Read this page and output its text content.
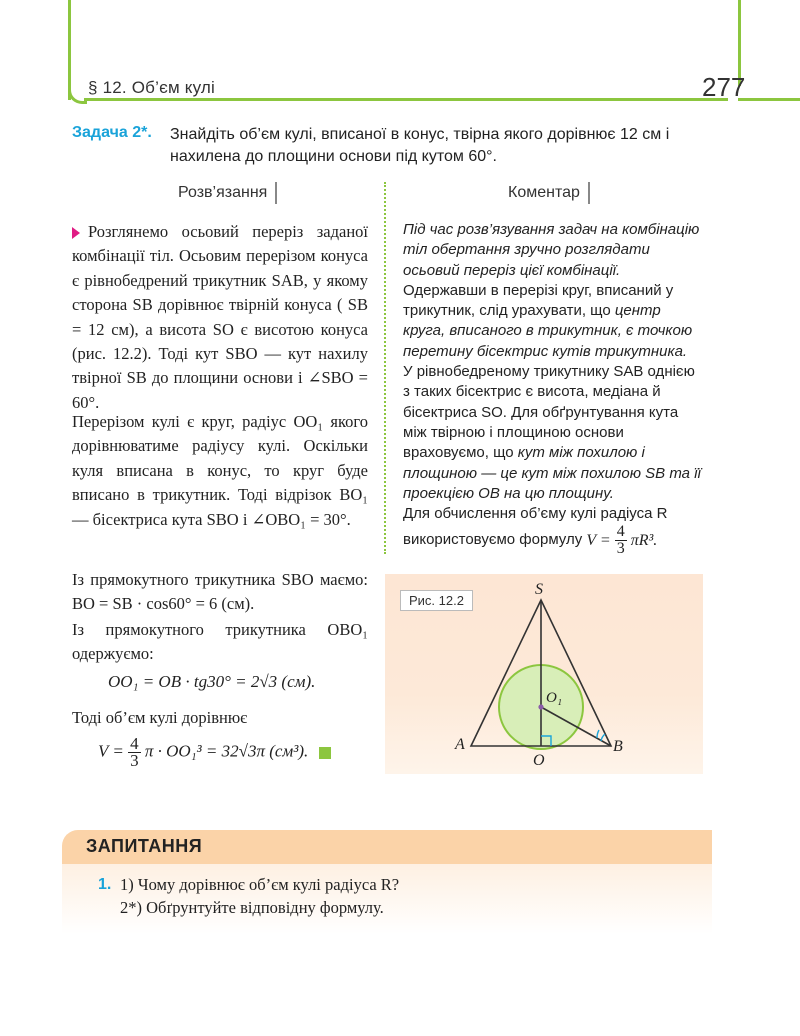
§ 12. Об’єм кулі	277
Задача 2*. Знайдіть об’єм кулі, вписаної в конус, твірна якого дорівнює 12 см і нахилена до площини основи під кутом 60°.
Розв’язання	Коментар
Розглянемо осьовий переріз заданої комбінації тіл. Осьовим перерізом конуса є рівнобедрений трикутник SAB, у якому сторона SB дорівнює твірній конуса ( SB = 12 см), а висота SO є висотою конуса (рис. 12.2). Тоді кут SBO — кут нахилу твірної SB до площини основи і ∠SBO = 60°.
Перерізом кулі є круг, радіус OO₁ якого дорівнюватиме радіусу кулі. Оскільки куля вписана в конус, то круг буде вписано в трикутник. Тоді відрізок BO₁ — бісектриса кута SBO і ∠OBO₁ = 30°.
Із прямокутного трикутника SBO маємо: BO = SB · cos60° = 6 (см).
Із прямокутного трикутника OBO₁ одержуємо:
OO₁ = OB · tg30° = 2√3 (см).
Тоді об’єм кулі дорівнює
$V = \frac{4}{3}$ π · OO₁³ = 32√3π (см³).
Під час розв’язування задач на комбінацію тіл обертання зручно розглядати осьовий переріз цієї комбінації.
Одержавши в перерізі круг, вписаний у трикутник, слід урахувати, що центр круга, вписаного в трикутник, є точкою перетину бісектрис кутів трикутника.
У рівнобедреному трикутнику SAB однією з таких бісектрис є висота, медіана й бісектриса SO. Для обґрунтування кута між твірною і площиною основи враховуємо, що кут між похилою і площиною — це кут між похилою SB та її проекцією OB на цю площину.
Для обчислення об’єму кулі радіуса R використовуємо формулу $V = \frac{4}{3} \pi R^3$.
Рис. 12.2
S
A	B
O
O₁
ЗАПИТАННЯ
1. 1) Чому дорівнює об’єм кулі радіуса R?
2*) Обґрунтуйте відповідну формулу.
